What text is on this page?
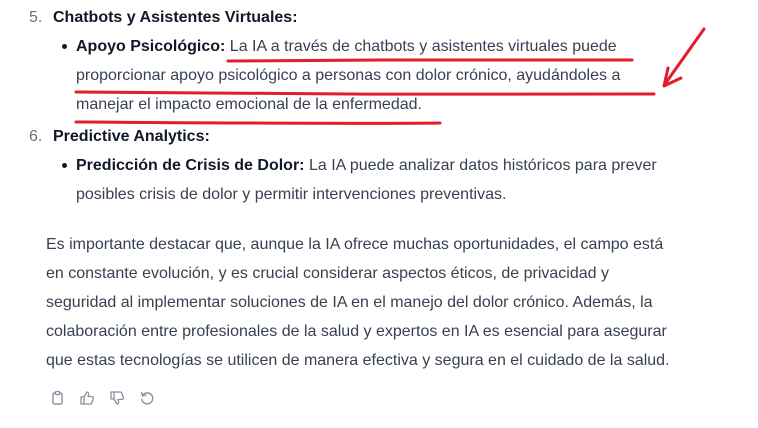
5. Chatbots y Asistentes Virtuales:
Apoyo Psicológico: La IA a través de chatbots y asistentes virtuales puede
proporcionar apoyo psicológico a personas con dolor crónico, ayudándoles a
manejar el impacto emocional de la enfermedad.
6. Predictive Analytics:
Predicción de Crisis de Dolor: La IA puede analizar datos históricos para prever
posibles crisis de dolor y permitir intervenciones preventivas.
Es importante destacar que, aunque la IA ofrece muchas oportunidades, el campo está
en constante evolución, y es crucial considerar aspectos éticos, de privacidad y
seguridad al implementar soluciones de IA en el manejo del dolor crónico. Además, la
colaboración entre profesionales de la salud y expertos en IA es esencial para asegurar
que estas tecnologías se utilicen de manera efectiva y segura en el cuidado de la salud.
